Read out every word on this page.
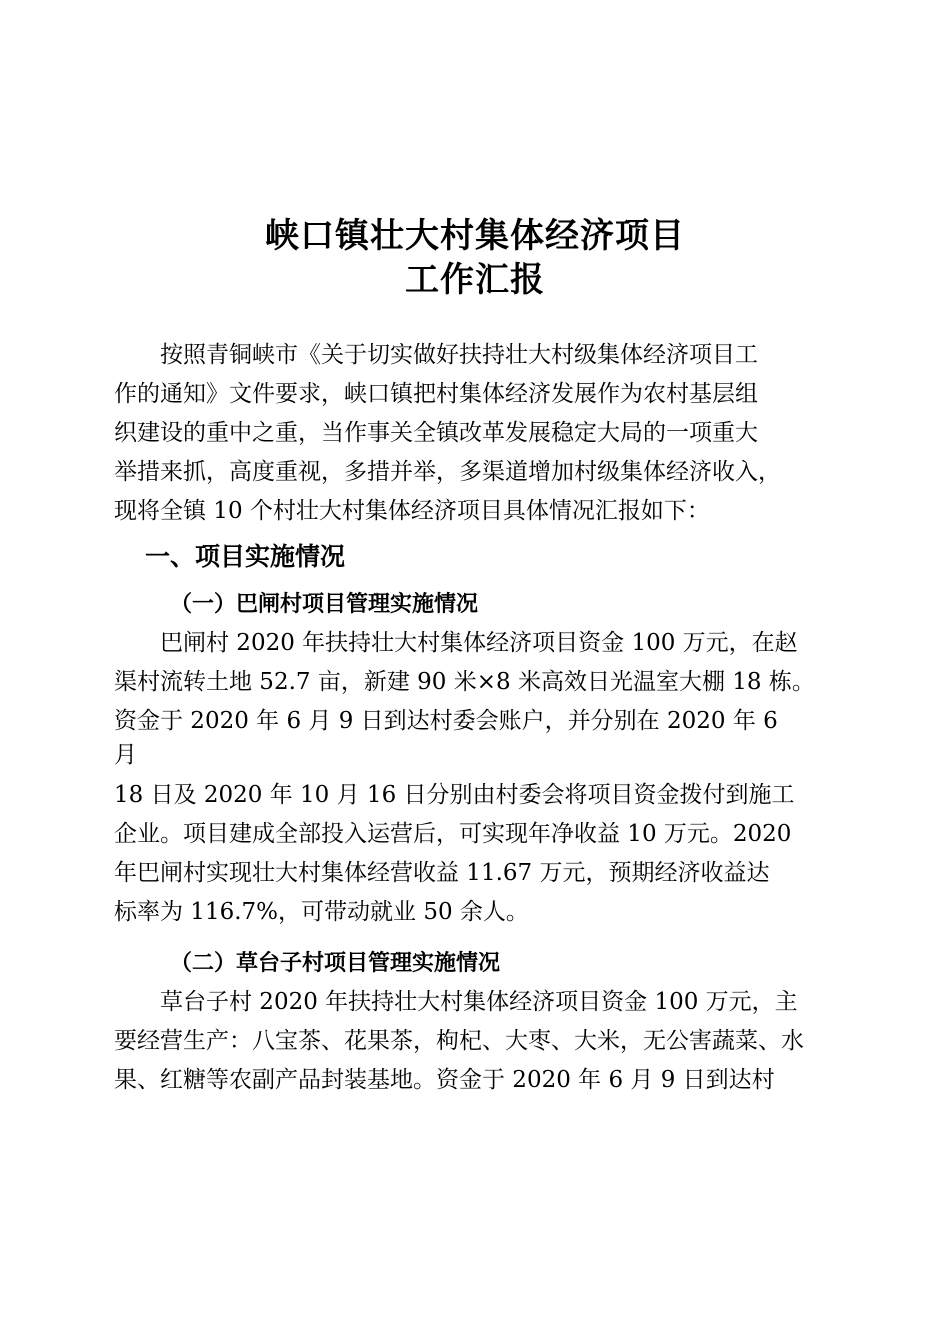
峡口镇壮大村集体经济项目
工作汇报
　　按照青铜峡市《关于切实做好扶持壮大村级集体经济项目工
作的通知》文件要求，峡口镇把村集体经济发展作为农村基层组
织建设的重中之重，当作事关全镇改革发展稳定大局的一项重大
举措来抓，高度重视，多措并举，多渠道增加村级集体经济收入，
现将全镇 10 个村壮大村集体经济项目具体情况汇报如下：
一、项目实施情况
（一）巴闸村项目管理实施情况
　　巴闸村 2020 年扶持壮大村集体经济项目资金 100 万元，在赵
渠村流转土地 52.7 亩，新建 90 米×8 米高效日光温室大棚 18 栋。
资金于 2020 年 6 月 9 日到达村委会账户，并分别在 2020 年 6
月
18 日及 2020 年 10 月 16 日分别由村委会将项目资金拨付到施工
企业。项目建成全部投入运营后，可实现年净收益 10 万元。2020
年巴闸村实现壮大村集体经营收益 11.67 万元，预期经济收益达
标率为 116.7%，可带动就业 50 余人。
（二）草台子村项目管理实施情况
　　草台子村 2020 年扶持壮大村集体经济项目资金 100 万元，主
要经营生产：八宝茶、花果茶，枸杞、大枣、大米，无公害蔬菜、水
果、红糖等农副产品封装基地。资金于 2020 年 6 月 9 日到达村
